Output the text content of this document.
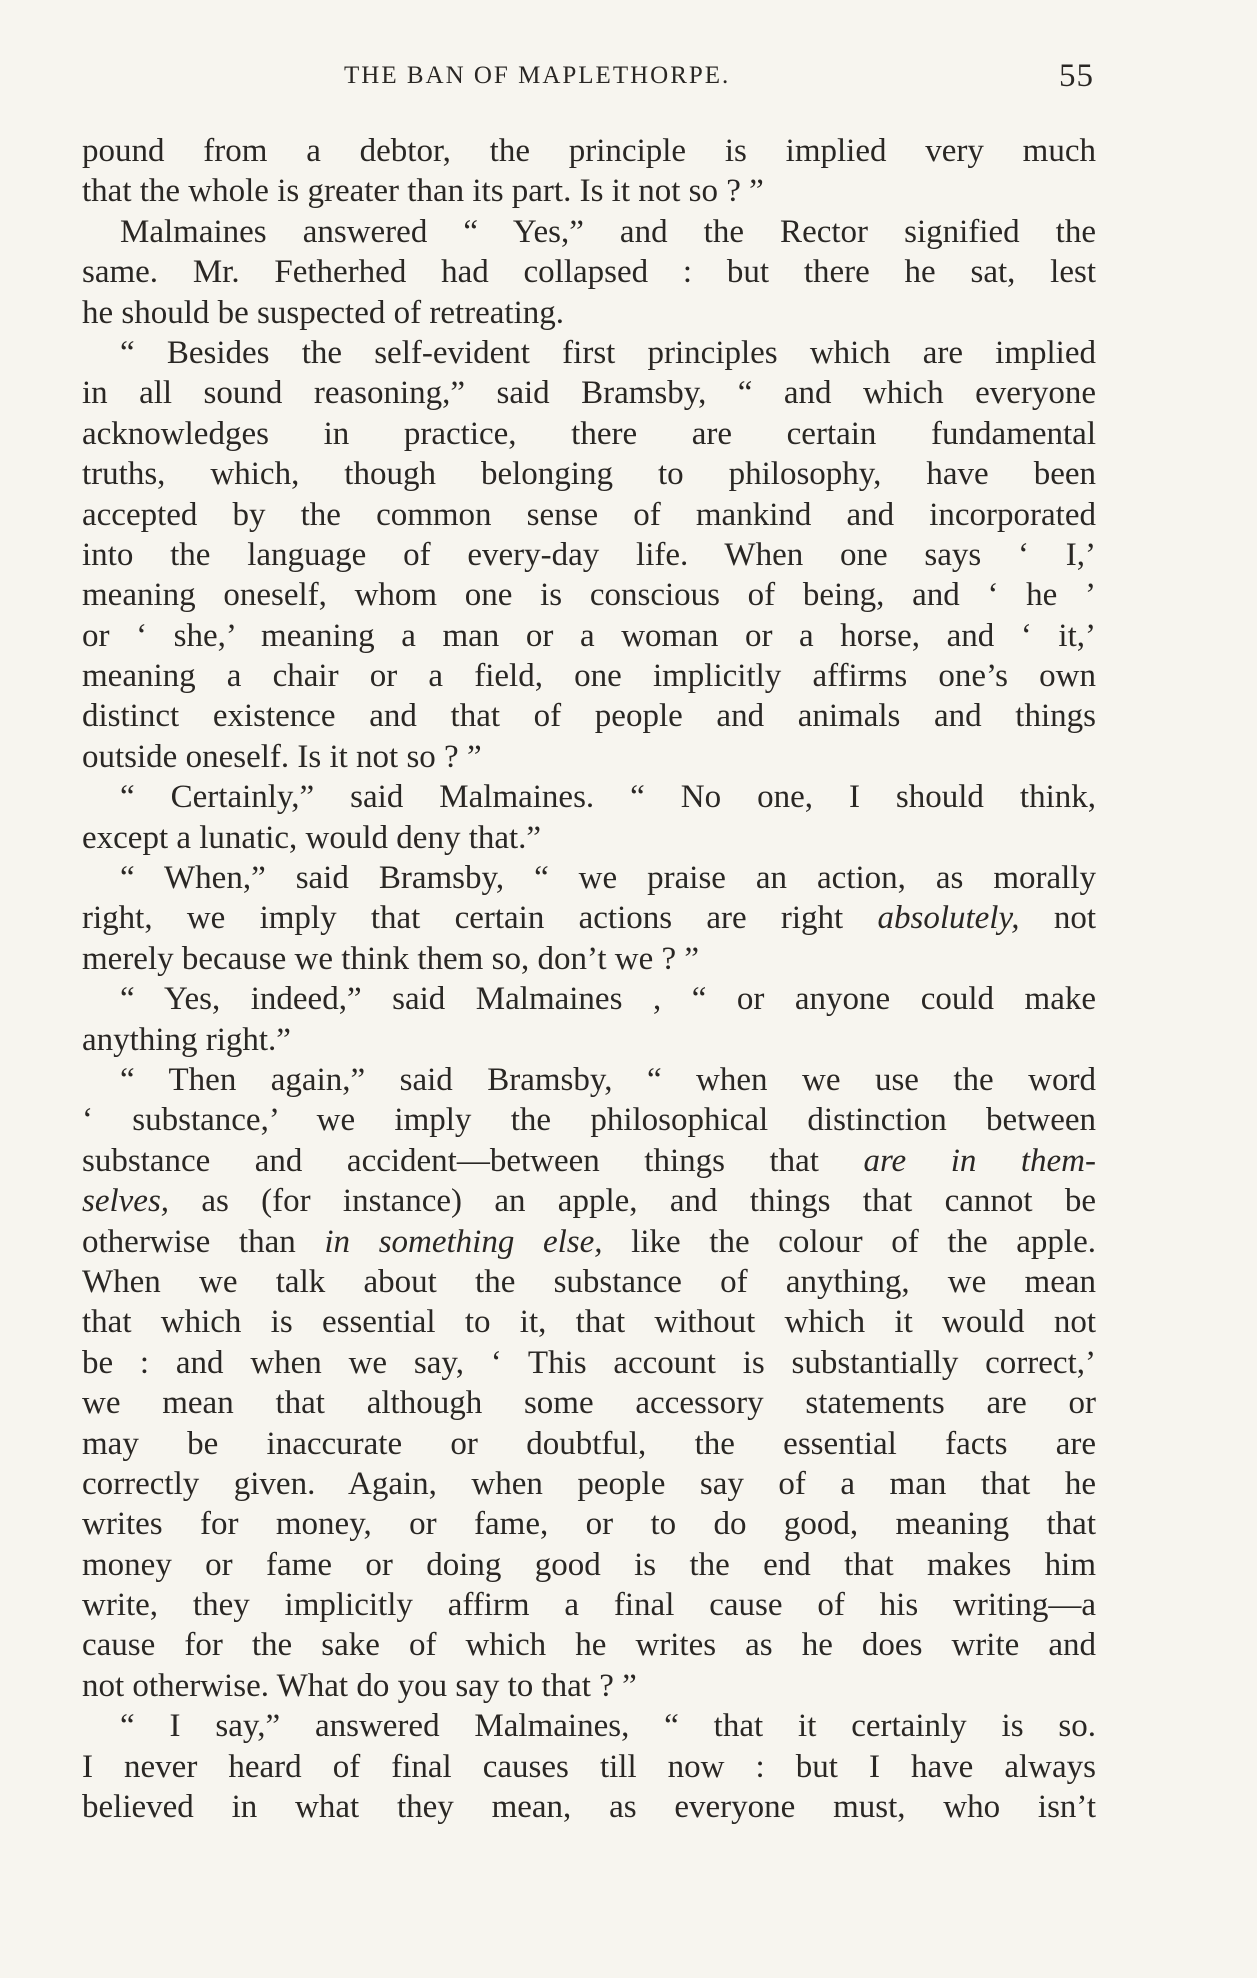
THE BAN OF MAPLETHORPE.	55
pound from a debtor, the principle is implied very much
that the whole is greater than its part. Is it not so ? ”
Malmaines answered “ Yes,” and the Rector signified the
same. Mr. Fetherhed had collapsed : but there he sat, lest
he should be suspected of retreating.
“ Besides the self-evident first principles which are implied
in all sound reasoning,” said Bramsby, “ and which everyone
acknowledges in practice, there are certain fundamental
truths, which, though belonging to philosophy, have been
accepted by the common sense of mankind and incorporated
into the language of every-day life. When one says ‘ I,’
meaning oneself, whom one is conscious of being, and ‘ he ’
or ‘ she,’ meaning a man or a woman or a horse, and ‘ it,’
meaning a chair or a field, one implicitly affirms one’s own
distinct existence and that of people and animals and things
outside oneself. Is it not so ? ”
“ Certainly,” said Malmaines. “ No one, I should think,
except a lunatic, would deny that.”
“ When,” said Bramsby, “ we praise an action, as morally
right, we imply that certain actions are right absolutely, not
merely because we think them so, don’t we ? ”
“ Yes, indeed,” said Malmaines , “ or anyone could make
anything right.”
“ Then again,” said Bramsby, “ when we use the word
‘ substance,’ we imply the philosophical distinction between
substance and accident—between things that are in them-
selves, as (for instance) an apple, and things that cannot be
otherwise than in something else, like the colour of the apple.
When we talk about the substance of anything, we mean
that which is essential to it, that without which it would not
be : and when we say, ‘ This account is substantially correct,’
we mean that although some accessory statements are or
may be inaccurate or doubtful, the essential facts are
correctly given. Again, when people say of a man that he
writes for money, or fame, or to do good, meaning that
money or fame or doing good is the end that makes him
write, they implicitly affirm a final cause of his writing—a
cause for the sake of which he writes as he does write and
not otherwise. What do you say to that ? ”
“ I say,” answered Malmaines, “ that it certainly is so.
I never heard of final causes till now : but I have always
believed in what they mean, as everyone must, who isn’t
